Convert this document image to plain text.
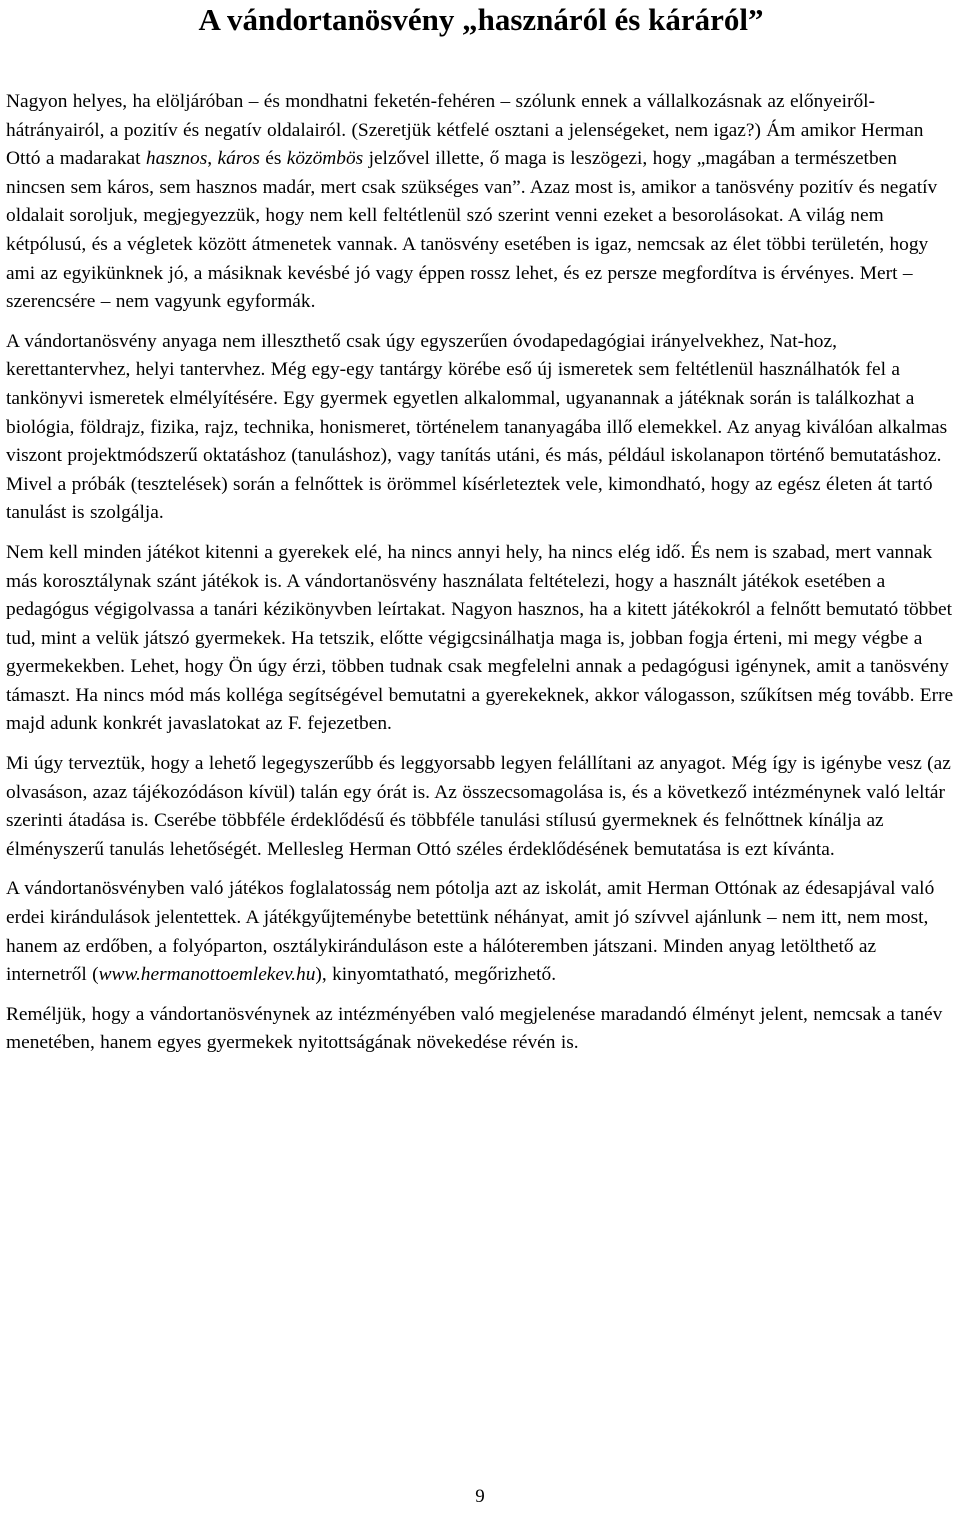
A vándortanösvény „hasznáról és káráról”

Nagyon helyes, ha elöljáróban – és mondhatni feketén-fehéren – szólunk ennek a vállalkozásnak az előnyeiről-hátrányairól, a pozitív és negatív oldalairól. (Szeretjük kétfelé osztani a jelenségeket, nem igaz?) Ám amikor Herman Ottó a madarakat hasznos, káros és közömbös jelzővel illette, ő maga is leszögezi, hogy „magában a természetben nincsen sem káros, sem hasznos madár, mert csak szükséges van”. Azaz most is, amikor a tanösvény pozitív és negatív oldalait soroljuk, megjegyezzük, hogy nem kell feltétlenül szó szerint venni ezeket a besorolásokat. A világ nem kétpólusú, és a végletek között átmenetek vannak. A tanösvény esetében is igaz, nemcsak az élet többi területén, hogy ami az egyikünknek jó, a másiknak kevésbé jó vagy éppen rossz lehet, és ez persze megfordítva is érvényes. Mert – szerencsére – nem vagyunk egyformák.

A vándortanösvény anyaga nem illeszthető csak úgy egyszerűen óvodapedagógiai irányelvekhez, Nat-hoz, kerettantervhez, helyi tantervhez. Még egy-egy tantárgy körébe eső új ismeretek sem feltétlenül használhatók fel a tankönyvi ismeretek elmélyítésére. Egy gyermek egyetlen alkalommal, ugyanannak a játéknak során is találkozhat a biológia, földrajz, fizika, rajz, technika, honismeret, történelem tananyagába illő elemekkel. Az anyag kiválóan alkalmas viszont projektmódszerű oktatáshoz (tanuláshoz), vagy tanítás utáni, és más, például iskolanapon történő bemutatáshoz. Mivel a próbák (tesztelések) során a felnőttek is örömmel kísérleteztek vele, kimondható, hogy az egész életen át tartó tanulást is szolgálja.

Nem kell minden játékot kitenni a gyerekek elé, ha nincs annyi hely, ha nincs elég idő. És nem is szabad, mert vannak más korosztálynak szánt játékok is. A vándortanösvény használata feltételezi, hogy a használt játékok esetében a pedagógus végigolvassa a tanári kézikönyvben leírtakat. Nagyon hasznos, ha a kitett játékokról a felnőtt bemutató többet tud, mint a velük játszó gyermekek. Ha tetszik, előtte végigcsinálhatja maga is, jobban fogja érteni, mi megy végbe a gyermekekben. Lehet, hogy Ön úgy érzi, többen tudnak csak megfelelni annak a pedagógusi igénynek, amit a tanösvény támaszt. Ha nincs mód más kolléga segítségével bemutatni a gyerekeknek, akkor válogasson, szűkítsen még tovább. Erre majd adunk konkrét javaslatokat az F. fejezetben.

Mi úgy terveztük, hogy a lehető legegyszerűbb és leggyorsabb legyen felállítani az anyagot. Még így is igénybe vesz (az olvasáson, azaz tájékozódáson kívül) talán egy órát is. Az összecsomagolása is, és a következő intézménynek való leltár szerinti átadása is. Cserébe többféle érdeklődésű és többféle tanulási stílusú gyermeknek és felnőttnek kínálja az élményszerű tanulás lehetőségét. Mellesleg Herman Ottó széles érdeklődésének bemutatása is ezt kívánta.

A vándortanösvényben való játékos foglalatosság nem pótolja azt az iskolát, amit Herman Ottónak az édesapjával való erdei kirándulások jelentettek. A játékgyűjteménybe betettünk néhányat, amit jó szívvel ajánlunk – nem itt, nem most, hanem az erdőben, a folyóparton, osztálykiránduláson este a hálóteremben játszani. Minden anyag letölthető az internetről (www.hermanottoemlekev.hu), kinyomtatható, megőrizhető.

Reméljük, hogy a vándortanösvénynek az intézményében való megjelenése maradandó élményt jelent, nemcsak a tanév menetében, hanem egyes gyermekek nyitottságának növekedése révén is.

9
